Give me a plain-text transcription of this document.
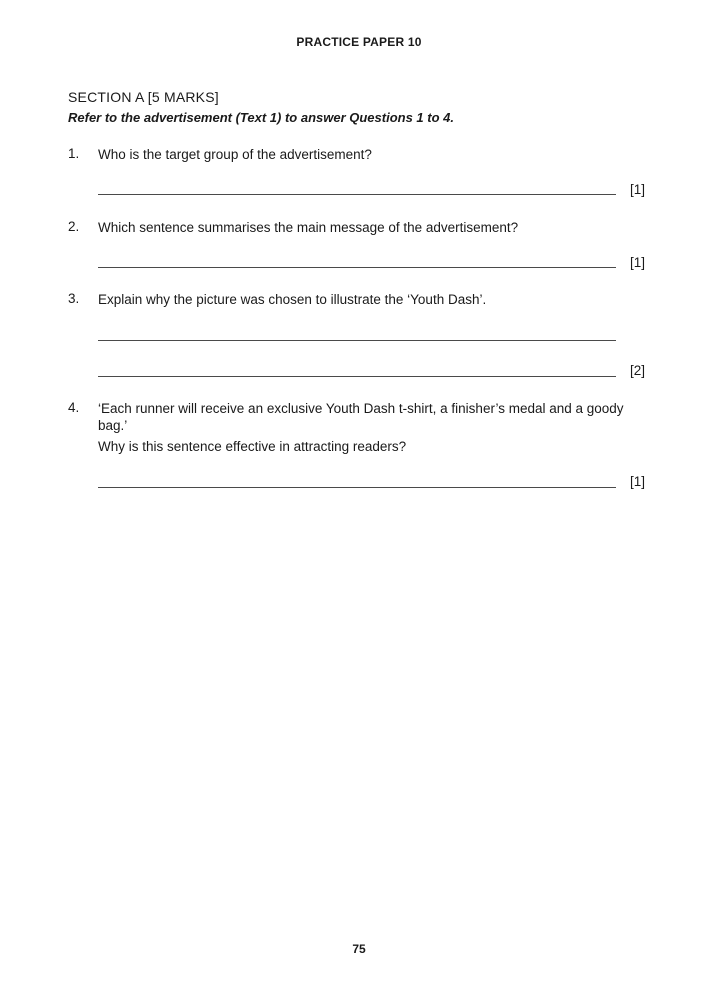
PRACTICE PAPER 10
SECTION A [5 MARKS]
Refer to the advertisement (Text 1) to answer Questions 1 to 4.
1. Who is the target group of the advertisement?
[1]
2. Which sentence summarises the main message of the advertisement?
[1]
3. Explain why the picture was chosen to illustrate the ‘Youth Dash’.
[2]
4. ‘Each runner will receive an exclusive Youth Dash t-shirt, a finisher’s medal and a goody bag.’
Why is this sentence effective in attracting readers?
[1]
75
